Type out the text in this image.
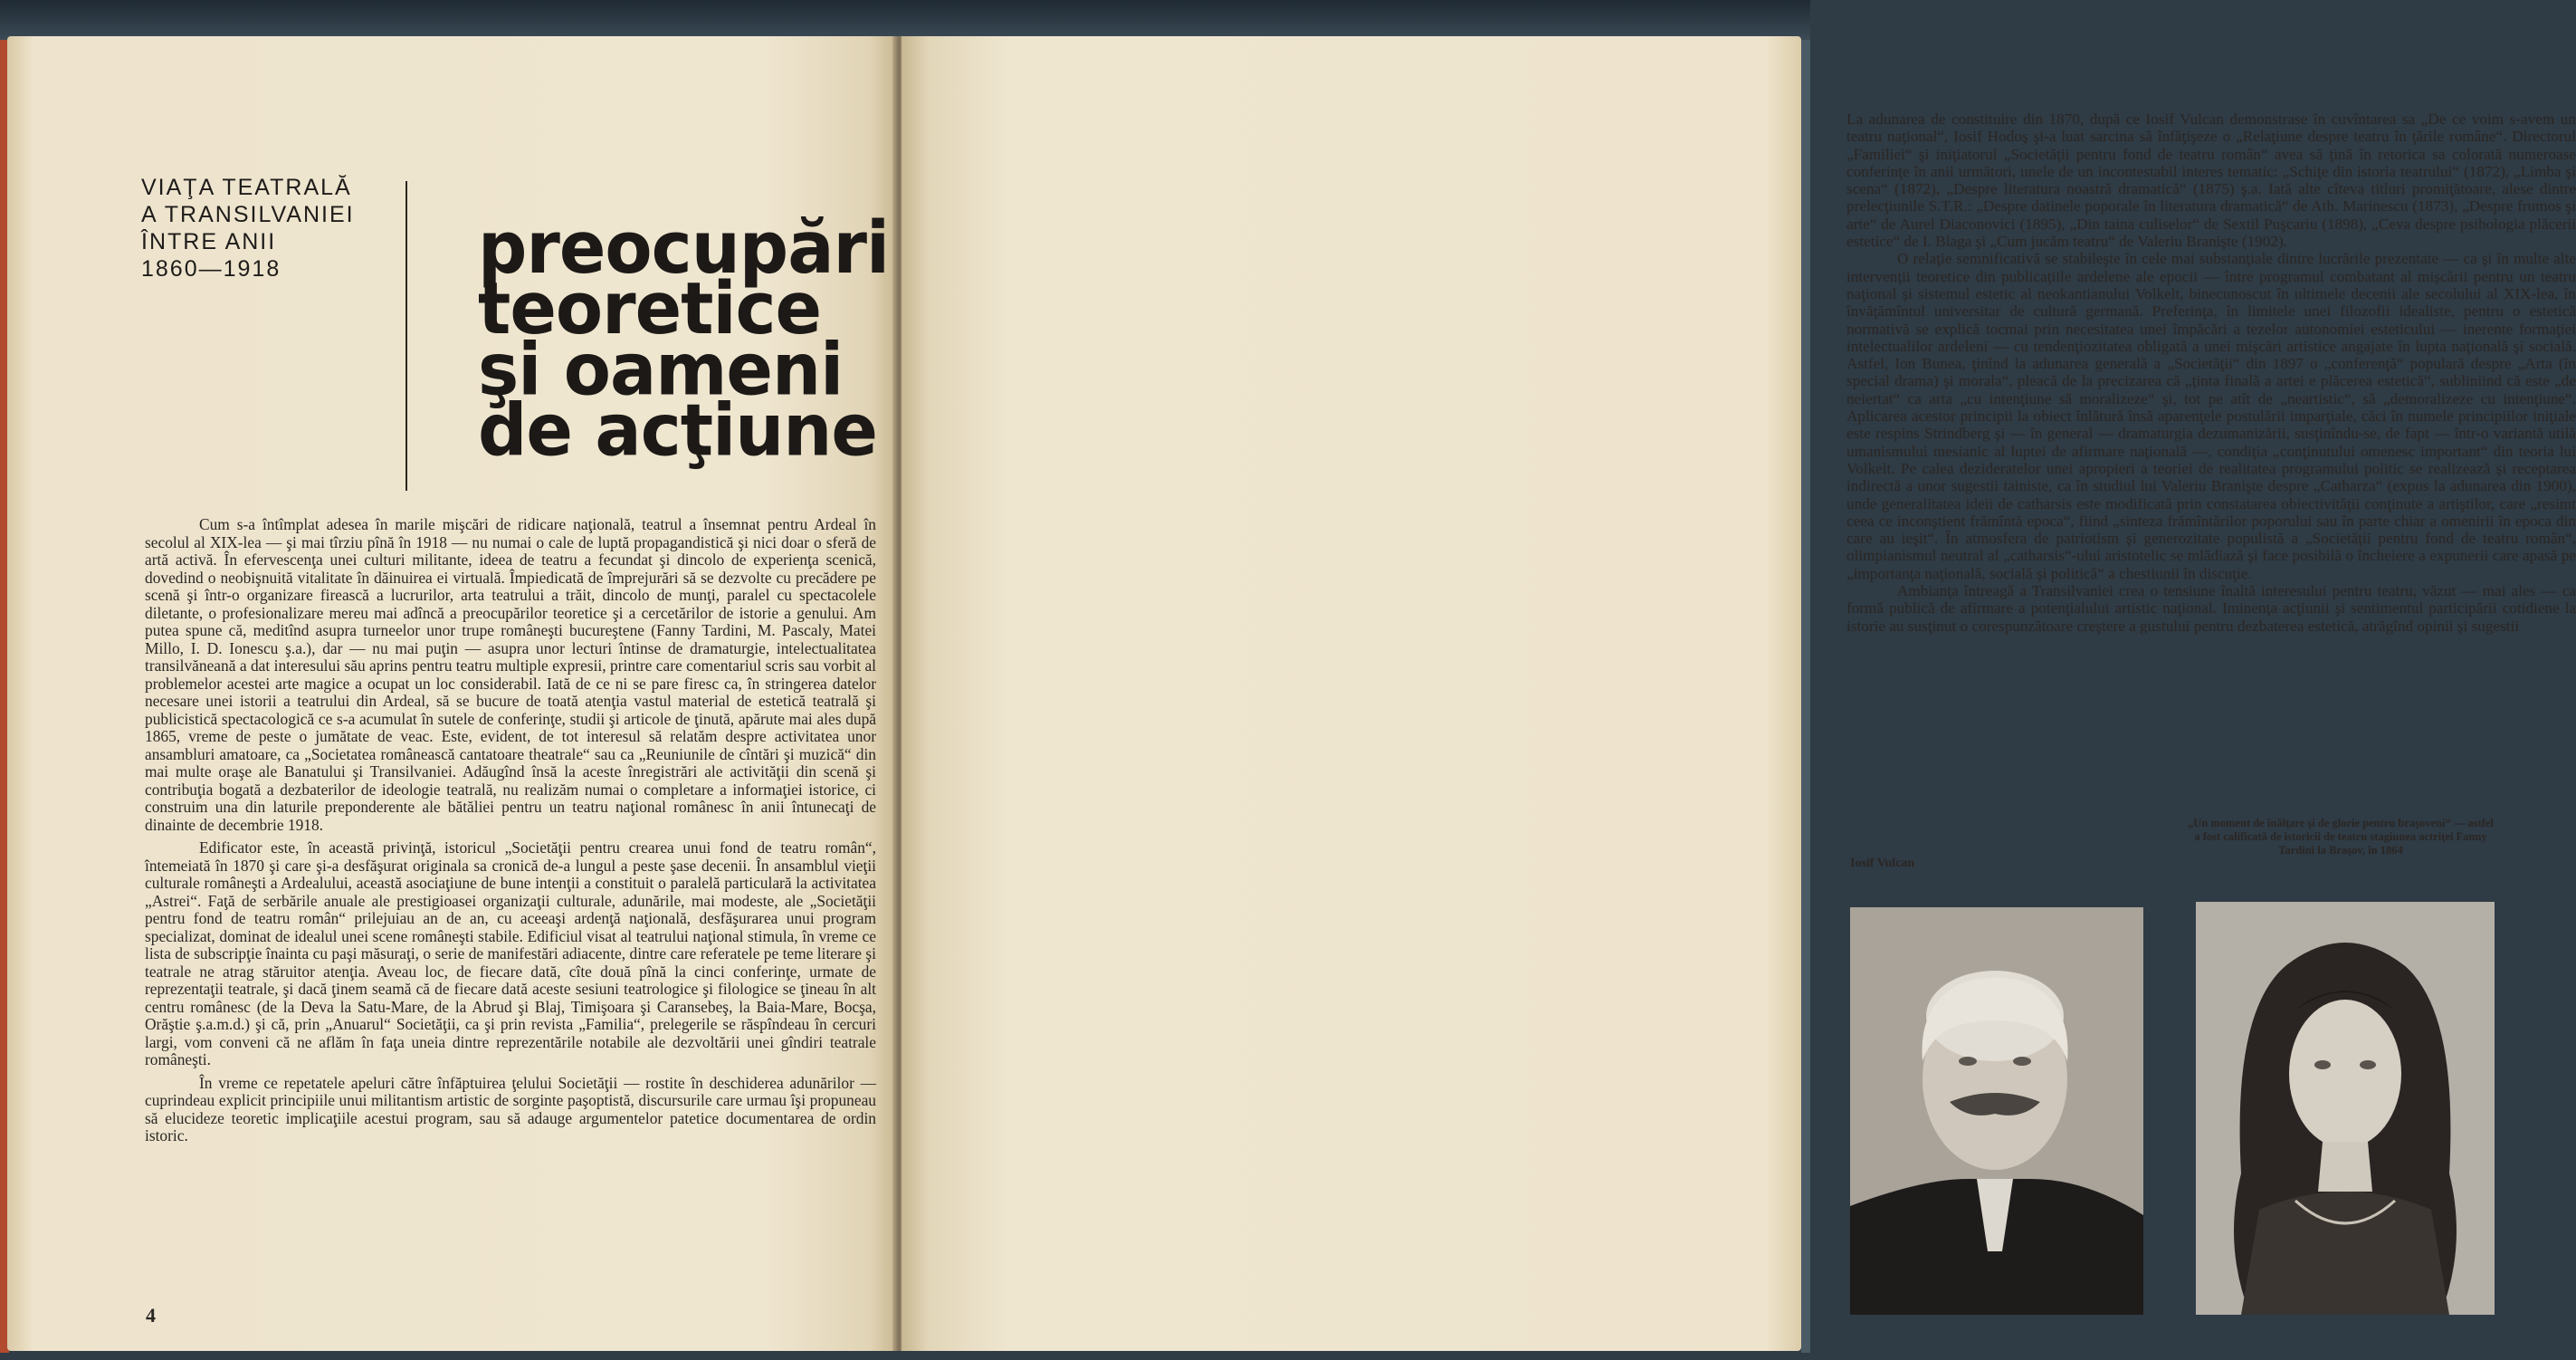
VIAŢA TEATRALĂ
A TRANSILVANIEI
ÎNTRE ANII
1860—1918	preocupări
teoretice
şi oameni
de acţiune

Cum s-a întîmplat adesea în marile mişcări de ridicare naţională, teatrul a însemnat pentru Ardeal în secolul al XIX-lea — şi mai tîrziu pînă în 1918 — nu numai o cale de luptă propagandistică şi nici doar o sferă de artă activă. În efervescenţa unei culturi militante, ideea de teatru a fecundat şi dincolo de experienţa scenică, dovedind o neobişnuită vitalitate în dăinuirea ei virtuală. Împiedicată de împrejurări să se dezvolte cu precădere pe scenă şi într-o organizare firească a lucrurilor, arta teatrului a trăit, dincolo de munţi, paralel cu spectacolele diletante, o profesionalizare mereu mai adîncă a preocupărilor teoretice şi a cercetărilor de istorie a genului. Am putea spune că, meditînd asupra turneelor unor trupe româneşti bucureştene (Fanny Tardini, M. Pascaly, Matei Millo, I. D. Ionescu ş.a.), dar — nu mai puţin — asupra unor lecturi întinse de dramaturgie, intelectualitatea transilvăneană a dat interesului său aprins pentru teatru multiple expresii, printre care comentariul scris sau vorbit al problemelor acestei arte magice a ocupat un loc considerabil. Iată de ce ni se pare firesc ca, în stringerea datelor necesare unei istorii a teatrului din Ardeal, să se bucure de toată atenţia vastul material de estetică teatrală şi publicistică spectacologică ce s-a acumulat în sutele de conferinţe, studii şi articole de ţinută, apărute mai ales după 1865, vreme de peste o jumătate de veac. Este, evident, de tot interesul să relatăm despre activitatea unor ansambluri amatoare, ca „Societatea românească cantatoare theatrale“ sau ca „Reuniunile de cîntări şi muzică“ din mai multe oraşe ale Banatului şi Transilvaniei. Adăugînd însă la aceste înregistrări ale activităţii din scenă şi contribuţia bogată a dezbaterilor de ideologie teatrală, nu realizăm numai o completare a informaţiei istorice, ci construim una din laturile preponderente ale bătăliei pentru un teatru naţional românesc în anii întunecaţi de dinainte de decembrie 1918.

Edificator este, în această privinţă, istoricul „Societăţii pentru crearea unui fond de teatru român“, întemeiată în 1870 şi care şi-a desfăşurat originala sa cronică de-a lungul a peste şase decenii. În ansamblul vieţii culturale româneşti a Ardealului, această asociaţiune de bune intenţii a constituit o paralelă particulară la activitatea „Astrei“. Faţă de serbările anuale ale prestigioasei organizaţii culturale, adunările, mai modeste, ale „Societăţii pentru fond de teatru român“ prilejuiau an de an, cu aceeaşi ardenţă naţională, desfăşurarea unui program specializat, dominat de idealul unei scene româneşti stabile. Edificiul visat al teatrului naţional stimula, în vreme ce lista de subscripţie înainta cu paşi măsuraţi, o serie de manifestări adiacente, dintre care referatele pe teme literare şi teatrale ne atrag stăruitor atenţia. Aveau loc, de fiecare dată, cîte două pînă la cinci conferinţe, urmate de reprezentaţii teatrale, şi dacă ţinem seamă că de fiecare dată aceste sesiuni teatrologice şi filologice se ţineau în alt centru românesc (de la Deva la Satu-Mare, de la Abrud şi Blaj, Timişoara şi Caransebeş, la Baia-Mare, Bocşa, Orăştie ş.a.m.d.) şi că, prin „Anuarul“ Societăţii, ca şi prin revista „Familia“, prelegerile se răspîndeau în cercuri largi, vom conveni că ne aflăm în faţa uneia dintre reprezentările notabile ale dezvoltării unei gîndiri teatrale româneşti.

În vreme ce repetatele apeluri către înfăptuirea ţelului Societăţii — rostite în deschiderea adunărilor — cuprindeau explicit principiile unui militantism artistic de sorginte paşoptistă, discursurile care urmau îşi propuneau să elucideze teoretic implicaţiile acestui program, sau să adauge argumentelor patetice documentarea de ordin istoric.

4

La adunarea de constituire din 1870, după ce Iosif Vulcan demonstrase în cuvîntarea sa „De ce voim s-avem un teatru naţional“, Iosif Hodoş şi-a luat sarcina să înfăţişeze o „Relaţiune despre teatru în ţările române“. Directorul „Familiei“ şi iniţiatorul „Societăţii pentru fond de teatru român“ avea să ţină în retorica sa colorată numeroase conferinţe în anii următori, unele de un incontestabil interes tematic: „Schiţe din istoria teatrului“ (1872), „Limba şi scena“ (1872), „Despre literatura noastră dramatică“ (1875) ş.a. Iată alte cîteva titluri promiţătoare, alese dintre prelecţiunile S.T.R.: „Despre datinele poporale în literatura dramatică“ de Ath. Marinescu (1873), „Despre frumos şi arte“ de Aurel Diaconovici (1895), „Din taina culiselor“ de Sextil Puşcariu (1898), „Ceva despre psihologia plăcerii estetice“ de I. Blaga şi „Cum jucăm teatru“ de Valeriu Branişte (1902).

O relaţie semnificativă se stabileşte în cele mai substanţiale dintre lucrările prezentate — ca şi în multe alte intervenţii teoretice din publicaţiile ardelene ale epocii — între programul combatant al mişcării pentru un teatru naţional şi sistemul estetic al neokantianului Volkelt, binecunoscut în ultimele decenii ale secolului al XIX-lea, în învăţămîntul universitar de cultură germană. Preferinţa, în limitele unei filozofii idealiste, pentru o estetică normativă se explică tocmai prin necesitatea unei împăcări a tezelor autonomiei esteticului — inerente formaţiei intelectualilor ardeleni — cu tendenţiozitatea obligată a unei mişcări artistice angajate în lupta naţională şi socială. Astfel, Ion Bunea, ţinînd la adunarea generală a „Societăţii“ din 1897 o „conferenţă“ populară despre „Arta (în special drama) şi morala“, pleacă de la precizarea că „ţinta finală a artei e plăcerea estetică“, subliniind că este „de neiertat“ ca arta „cu intenţiune să moralizeze“ şi, tot pe atît de „neartistic“, să „demoralizeze cu intenţiune“. Aplicarea acestor principii la obiect înlătură însă aparenţele postulării imparţiale, căci în numele principiilor iniţiale este respins Strindberg şi — în general — dramaturgia dezumanizării, susţinîndu-se, de fapt — într-o variantă utilă umanismului mesianic al luptei de afirmare naţională —, condiţia „conţinutului omenesc important“ din teoria lui Volkelt. Pe calea dezideratelor unei apropieri a teoriei de realitatea programului politic se realizează şi receptarea indirectă a unor sugestii tainiste, ca în studiul lui Valeriu Branişte despre „Catharza“ (expus la adunarea din 1900), unde generalitatea ideii de catharsis este modificată prin constatarea obiectivităţii conţinute a artiştilor, care „resimt ceea ce inconştient frămîntă epoca“, fiind „sinteza frămîntărilor poporului sau în parte chiar a omenirii în epoca din care au ieşit“. În atmosfera de patriotism şi generozitate populistă a „Societăţii pentru fond de teatru român“, olimpianismul neutral al „catharsis“-ului aristotelic se mlădiază şi face posibilă o încheiere a expunerii care apasă pe „importanţa naţională, socială şi politică“ a chestiunii în discuţie.

Ambianţa întreagă a Transilvaniei crea o tensiune înaltă interesului pentru teatru, văzut — mai ales — ca formă publică de afirmare a potenţialului artistic naţional. Iminenţa acţiunii şi sentimentul participării cotidiene la istorie au susţinut o corespunzătoare creştere a gustului pentru dezbaterea estetică, atrăgînd opinii şi sugestii

Iosif Vulcan
„Un moment de înălţare şi de glorie pentru braşoveni“ — astfel a fost calificată de istoricii de teatru stagiunea actriţei Fanny Tardini la Braşov, în 1864
